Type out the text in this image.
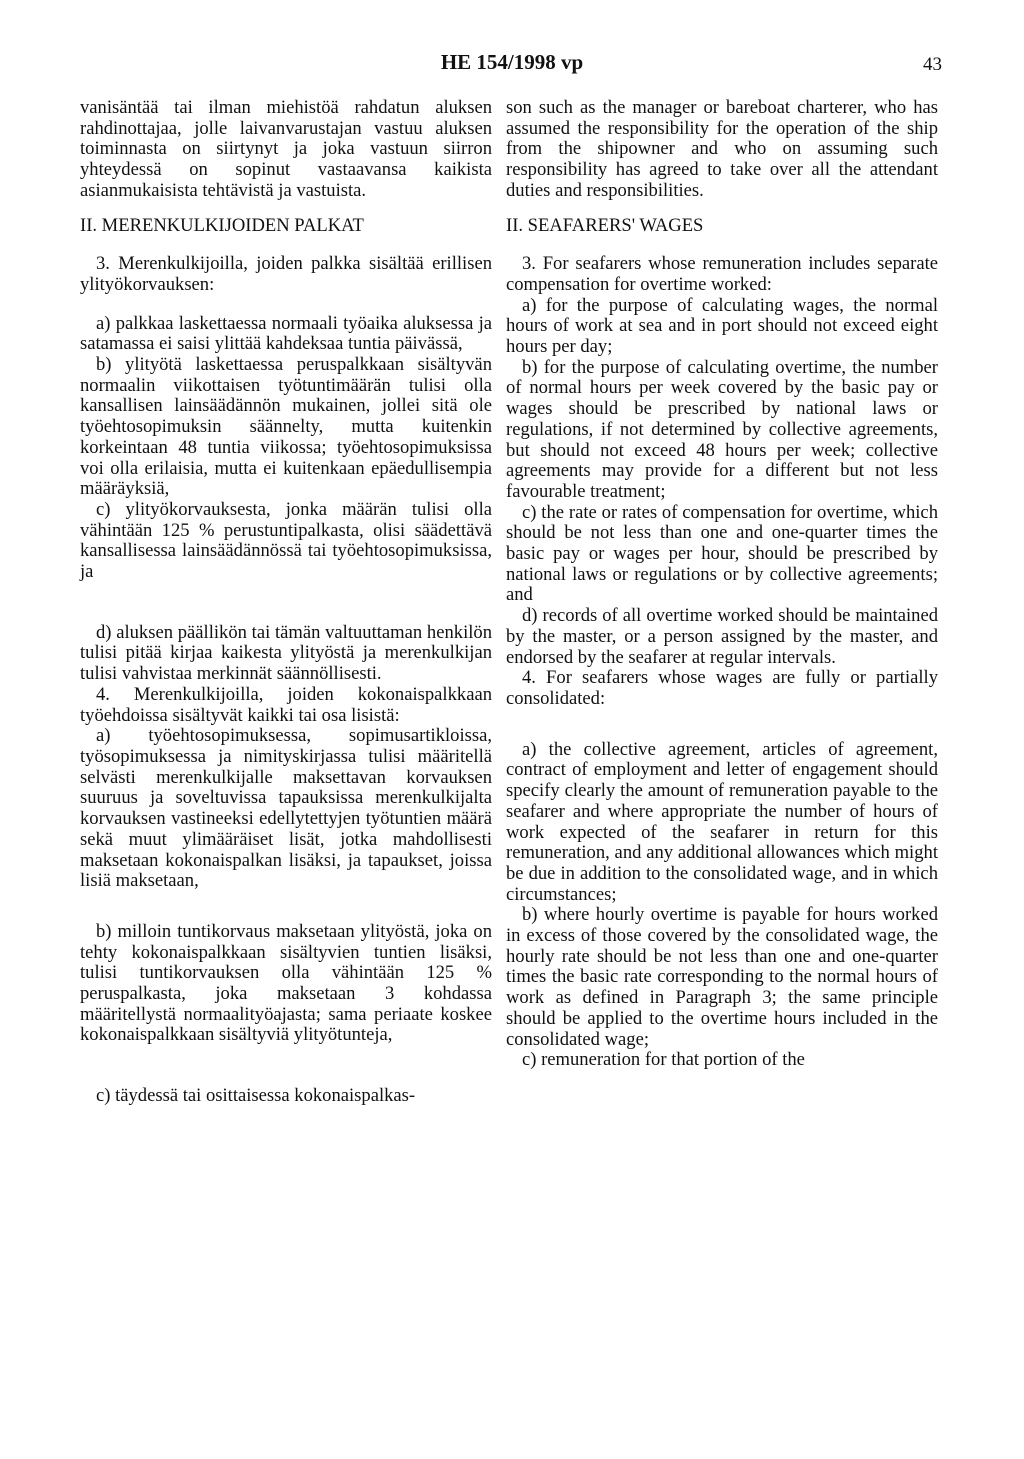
HE 154/1998 vp	43

vanisäntää tai ilman miehistöä rahdatun aluksen rahdinottajaa, jolle laivanvarustajan vastuu aluksen toiminnasta on siirtynyt ja joka vastuun siirron yhteydessä on sopinut vastaavansa kaikista asianmukaisista tehtävistä ja vastuista.

II. MERENKULKIJOIDEN PALKAT

3. Merenkulkijoilla, joiden palkka sisältää erillisen ylityökorvauksen:

a) palkkaa laskettaessa normaali työaika aluksessa ja satamassa ei saisi ylittää kahdeksaa tuntia päivässä,

b) ylityötä laskettaessa peruspalkkaan sisältyvän normaalin viikottaisen työtuntimäärän tulisi olla kansallisen lainsäädännön mukainen, jollei sitä ole työehtosopimuksin säännelty, mutta kuitenkin korkeintaan 48 tuntia viikossa; työehtosopimuksissa voi olla erilaisia, mutta ei kuitenkaan epäedullisempia määräyksiä,

c) ylityökorvauksesta, jonka määrän tulisi olla vähintään 125 % perustuntipalkasta, olisi säädettävä kansallisessa lainsäädännössä tai työehtosopimuksissa, ja

d) aluksen päällikön tai tämän valtuuttaman henkilön tulisi pitää kirjaa kaikesta ylityöstä ja merenkulkijan tulisi vahvistaa merkinnät säännöllisesti.

4. Merenkulkijoilla, joiden kokonaispalkkaan työehdoissa sisältyvät kaikki tai osa lisistä:

a) työehtosopimuksessa, sopimusartikloissa, työsopimuksessa ja nimityskirjassa tulisi määritellä selvästi merenkulkijalle maksettavan korvauksen suuruus ja soveltuvissa tapauksissa merenkulkijalta korvauksen vastineeksi edellytettyjen työtuntien määrä sekä muut ylimääräiset lisät, jotka mahdollisesti maksetaan kokonaispalkan lisäksi, ja tapaukset, joissa lisiä maksetaan,

b) milloin tuntikorvaus maksetaan ylityöstä, joka on tehty kokonaispalkkaan sisältyvien tuntien lisäksi, tulisi tuntikorvauksen olla vähintään 125 % peruspalkasta, joka maksetaan 3 kohdassa määritellystä normaalityöajasta; sama periaate koskee kokonaispalkkaan sisältyviä ylityötunteja,

c) täydessä tai osittaisessa kokonaispalkas-

son such as the manager or bareboat charterer, who has assumed the responsibility for the operation of the ship from the shipowner and who on assuming such responsibility has agreed to take over all the attendant duties and responsibilities.

II. SEAFARERS' WAGES

3. For seafarers whose remuneration includes separate compensation for overtime worked:

a) for the purpose of calculating wages, the normal hours of work at sea and in port should not exceed eight hours per day;

b) for the purpose of calculating overtime, the number of normal hours per week covered by the basic pay or wages should be prescribed by national laws or regulations, if not determined by collective agreements, but should not exceed 48 hours per week; collective agreements may provide for a different but not less favourable treatment;

c) the rate or rates of compensation for overtime, which should be not less than one and one-quarter times the basic pay or wages per hour, should be prescribed by national laws or regulations or by collective agreements; and

d) records of all overtime worked should be maintained by the master, or a person assigned by the master, and endorsed by the seafarer at regular intervals.

4. For seafarers whose wages are fully or partially consolidated:

a) the collective agreement, articles of agreement, contract of employment and letter of engagement should specify clearly the amount of remuneration payable to the seafarer and where appropriate the number of hours of work expected of the seafarer in return for this remuneration, and any additional allowances which might be due in addition to the consolidated wage, and in which circumstances;

b) where hourly overtime is payable for hours worked in excess of those covered by the consolidated wage, the hourly rate should be not less than one and one-quarter times the basic rate corresponding to the normal hours of work as defined in Paragraph 3; the same principle should be applied to the overtime hours included in the consolidated wage;

c) remuneration for that portion of the
